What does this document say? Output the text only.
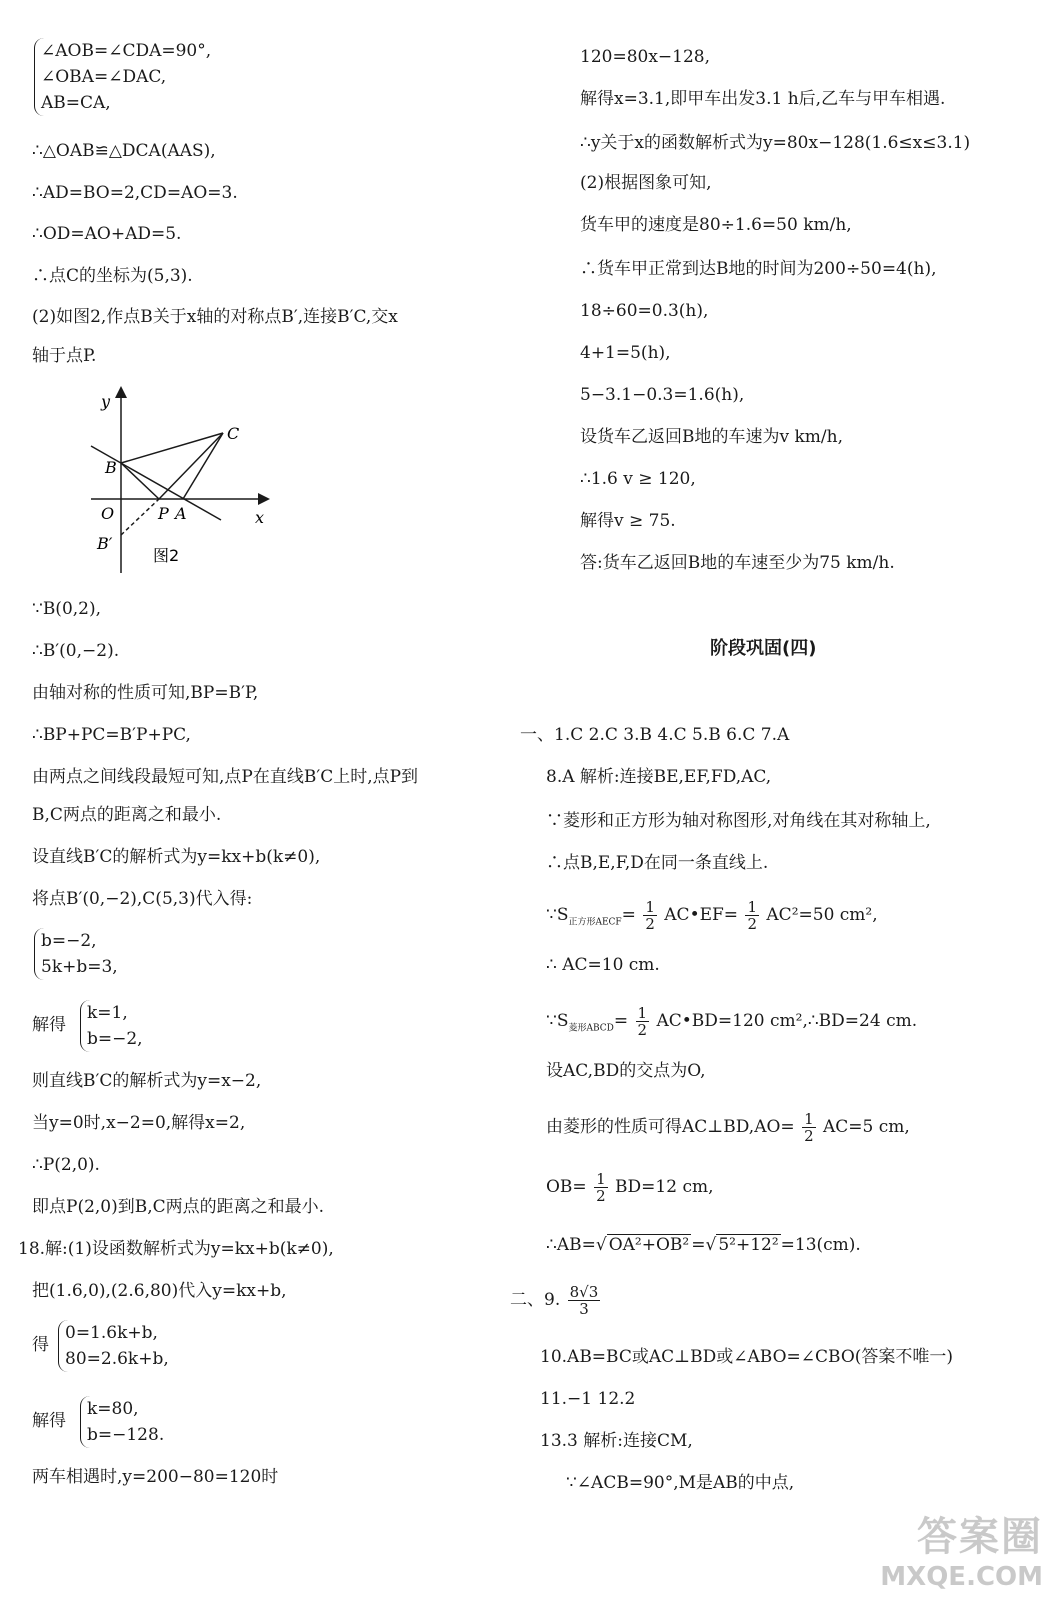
∠AOB=∠CDA=90°,
∠OBA=∠DAC,
AB=CA,
∴△OAB≌△DCA(AAS),
∴AD=BO=2,CD=AO=3.
∴OD=AO+AD=5.
∴点C的坐标为(5,3).
(2)如图2,作点B关于x轴的对称点B′,连接B′C,交x
轴于点P.
y
C
B
O	P A	x
B′
图2
∵B(0,2),
∴B′(0,−2).
由轴对称的性质可知,BP=B′P,
∴BP+PC=B′P+PC,
由两点之间线段最短可知,点P在直线B′C上时,点P到
B,C两点的距离之和最小.
设直线B′C的解析式为y=kx+b(k≠0),
将点B′(0,−2),C(5,3)代入得:
b=−2,
5k+b=3,
解得
k=1,
b=−2,
则直线B′C的解析式为y=x−2,
当y=0时,x−2=0,解得x=2,
∴P(2,0).
即点P(2,0)到B,C两点的距离之和最小.
18.解:(1)设函数解析式为y=kx+b(k≠0),
把(1.6,0),(2.6,80)代入y=kx+b,
得
0=1.6k+b,
80=2.6k+b,
解得
k=80,
b=−128.
两车相遇时,y=200−80=120时
120=80x−128,
解得x=3.1,即甲车出发3.1 h后,乙车与甲车相遇.
∴y关于x的函数解析式为y=80x−128(1.6≤x≤3.1)
(2)根据图象可知,
货车甲的速度是80÷1.6=50 km/h,
∴货车甲正常到达B地的时间为200÷50=4(h),
18÷60=0.3(h),
4+1=5(h),
5−3.1−0.3=1.6(h),
设货车乙返回B地的车速为v km/h,
∴1.6 v ≥ 120,
解得v ≥ 75.
答:货车乙返回B地的车速至少为75 km/h.
阶段巩固(四)
一、1.C 2.C 3.B 4.C 5.B 6.C 7.A
8.A 解析:连接BE,EF,FD,AC,
∵菱形和正方形为轴对称图形,对角线在其对称轴上,
∴点B,E,F,D在同一条直线上.
$\because S_{正方形AECF}= \frac{1}{2}$ AC•EF= $\frac{1}{2} AC^2=50$ cm²,
∴ AC=10 cm.
$\because S_{菱形ABCD}= \frac{1}{2}$ AC•BD=120 cm²,∴BD=24 cm.
设AC,BD的交点为O,
由菱形的性质可得AC⊥BD,AO= $\frac{1}{2} AC=5$ cm,
$OB= \frac{1}{2} BD=12$ cm,
∴AB=√ OA²+OB² =√ 5²+12² =13(cm).
二、9. $\frac{8√3}{3}$
10.AB=BC或AC⊥BD或∠ABO=∠CBO(答案不唯一)
11.−1 12.2
13.3 解析:连接CM,
∵∠ACB=90°,M是AB的中点,
答案圈
MXQE.COM
